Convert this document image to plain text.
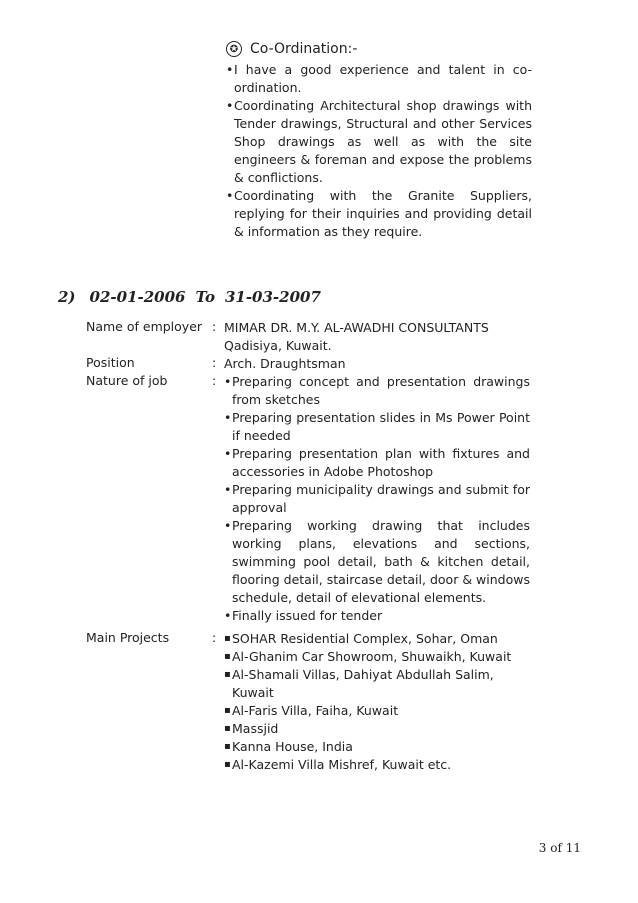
✪ Co-Ordination:-
• I have a good experience and talent in co-ordination.
• Coordinating Architectural shop drawings with Tender drawings, Structural and other Services Shop drawings as well as with the site engineers & foreman and expose the problems & conflictions.
• Coordinating with the Granite Suppliers, replying for their inquiries and providing detail & information as they require.
2) 02-01-2006 To 31-03-2007
Name of employer : MIMAR DR. M.Y. AL-AWADHI CONSULTANTS
Qadisiya, Kuwait.
Position	: Arch. Draughtsman
Nature of job	: • Preparing concept and presentation drawings from sketches
• Preparing presentation slides in Ms Power Point if needed
• Preparing presentation plan with fixtures and accessories in Adobe Photoshop
• Preparing municipality drawings and submit for approval
• Preparing working drawing that includes working plans, elevations and sections, swimming pool detail, bath & kitchen detail, flooring detail, staircase detail, door & windows schedule, detail of elevational elements.
• Finally issued for tender
Main Projects	: ▪ SOHAR Residential Complex, Sohar, Oman
▪ Al-Ghanim Car Showroom, Shuwaikh, Kuwait
▪ Al-Shamali Villas, Dahiyat Abdullah Salim, Kuwait
▪ Al-Faris Villa, Faiha, Kuwait
▪ Massjid
▪ Kanna House, India
▪ Al-Kazemi Villa Mishref, Kuwait etc.
3 of 11
